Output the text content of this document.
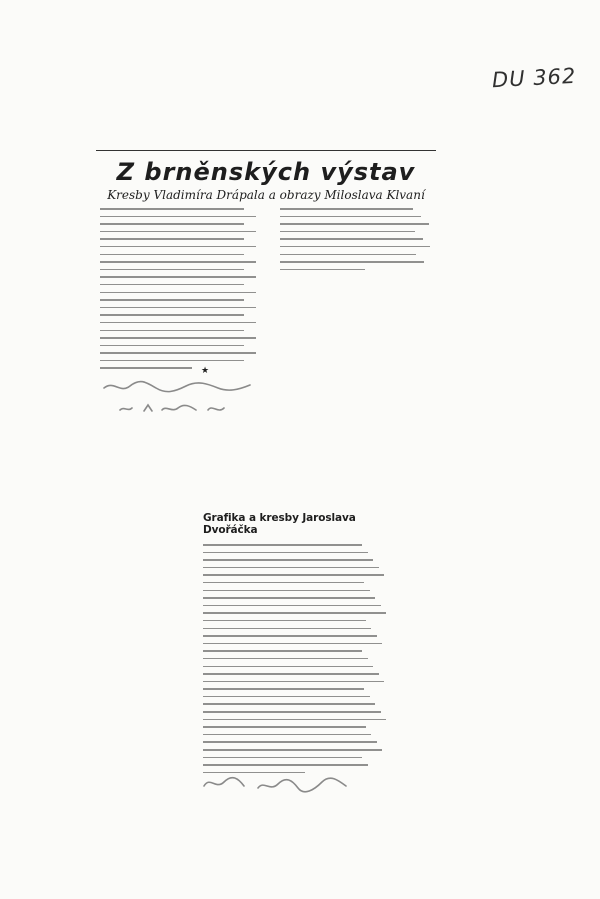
DU 362
Z brněnských výstav

Kresby Vladimíra Drápala a obrazy Miloslava Klvaní

★
Grafika a kresby Jaroslava Dvořáčka
